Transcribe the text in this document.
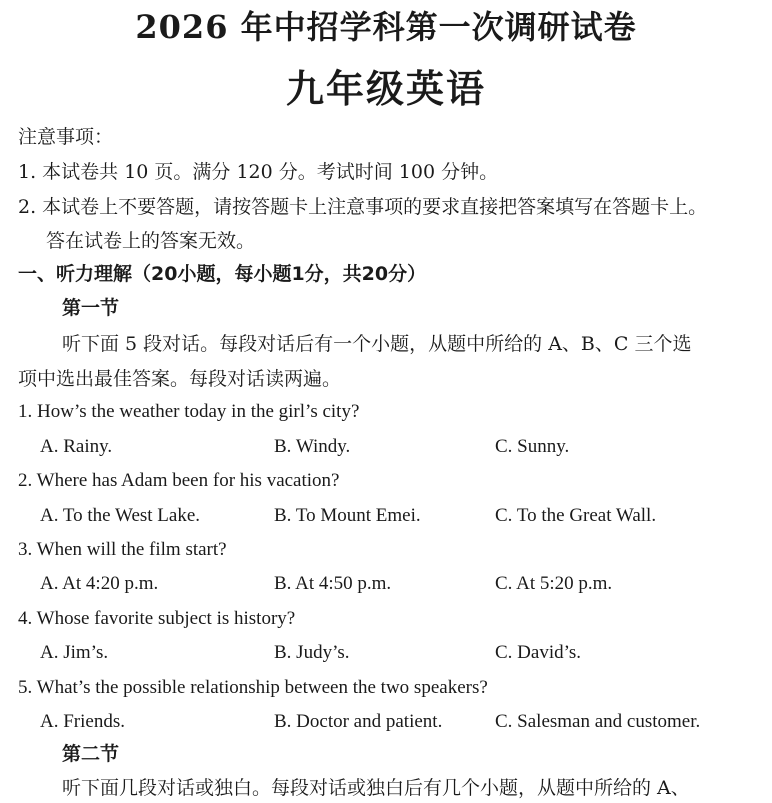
2026 年中招学科第一次调研试卷
九年级英语
注意事项：
1. 本试卷共 10 页。满分 120 分。考试时间 100 分钟。
2. 本试卷上不要答题，请按答题卡上注意事项的要求直接把答案填写在答题卡上。
答在试卷上的答案无效。
一、听力理解（20小题，每小题1分，共20分）
第一节
听下面 5 段对话。每段对话后有一个小题，从题中所给的 A、B、C 三个选
项中选出最佳答案。每段对话读两遍。
1. How’s the weather today in the girl’s city?
A. Rainy.	B. Windy.	C. Sunny.
2. Where has Adam been for his vacation?
A. To the West Lake.	B. To Mount Emei.	C. To the Great Wall.
3. When will the film start?
A. At 4:20 p.m.	B. At 4:50 p.m.	C. At 5:20 p.m.
4. Whose favorite subject is history?
A. Jim’s.	B. Judy’s.	C. David’s.
5. What’s the possible relationship between the two speakers?
A. Friends.	B. Doctor and patient.	C. Salesman and customer.
第二节
听下面几段对话或独白。每段对话或独白后有几个小题，从题中所给的 A、
